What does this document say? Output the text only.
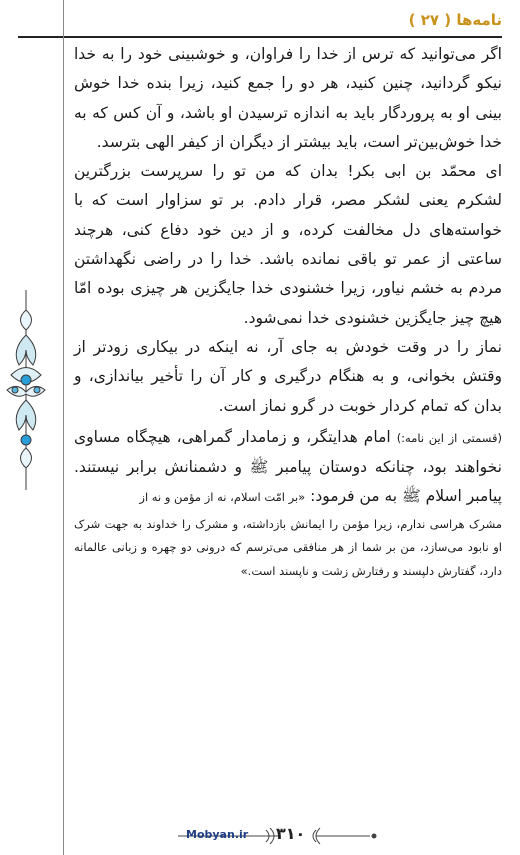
نامه‌ها ( ۲۷ )

اگر می‌توانید که ترس از خدا را فراوان، و خوشبینی خود را به خدا نیکو گردانید، چنین کنید، هر دو را جمع کنید، زیرا بنده خدا خوش بینی او به پروردگار باید به اندازه ترسیدن او باشد، و آن کس که به خدا خوش‌بین‌تر است، باید بیشتر از دیگران از کیفر الهی بترسد.

ای محمّد بن ابی بکر! بدان که من تو را سرپرست بزرگترین لشکرم یعنی لشکر مصر، قرار دادم. بر تو سزاوار است که با خواسته‌های دل مخالفت کرده، و از دین خود دفاع کنی، هرچند ساعتی از عمر تو باقی نمانده باشد. خدا را در راضی نگهداشتن مردم به خشم نیاور، زیرا خشنودی خدا جایگزین هر چیزی بوده امّا هیچ چیز جایگزین خشنودی خدا نمی‌شود.

نماز را در وقت خودش به جای آر، نه اینکه در بیکاری زودتر از وقتش بخوانی، و به هنگام درگیری و کار آن را تأخیر بیاندازی، و بدان که تمام کردار خوبت در گرو نماز است.

(قسمتی از این نامه:) امام هدایتگر، و زمامدار گمراهی، هیچگاه مساوی نخواهند بود، چنانکه دوستان پیامبر ﷺ و دشمنانش برابر نیستند. پیامبر اسلام ﷺ به من فرمود: «بر امّت اسلام، نه از مؤمن و نه از

مشرک هراسی ندارم، زیرا مؤمن را ایمانش بازداشته، و مشرک را خداوند به جهت شرک او نابود می‌سازد، من بر شما از هر منافقی می‌ترسم که درونی دو چهره و زبانی عالمانه دارد، گفتارش دلپسند و رفتارش زشت و ناپسند است.»

Mobyan.ir ۳۱۰
